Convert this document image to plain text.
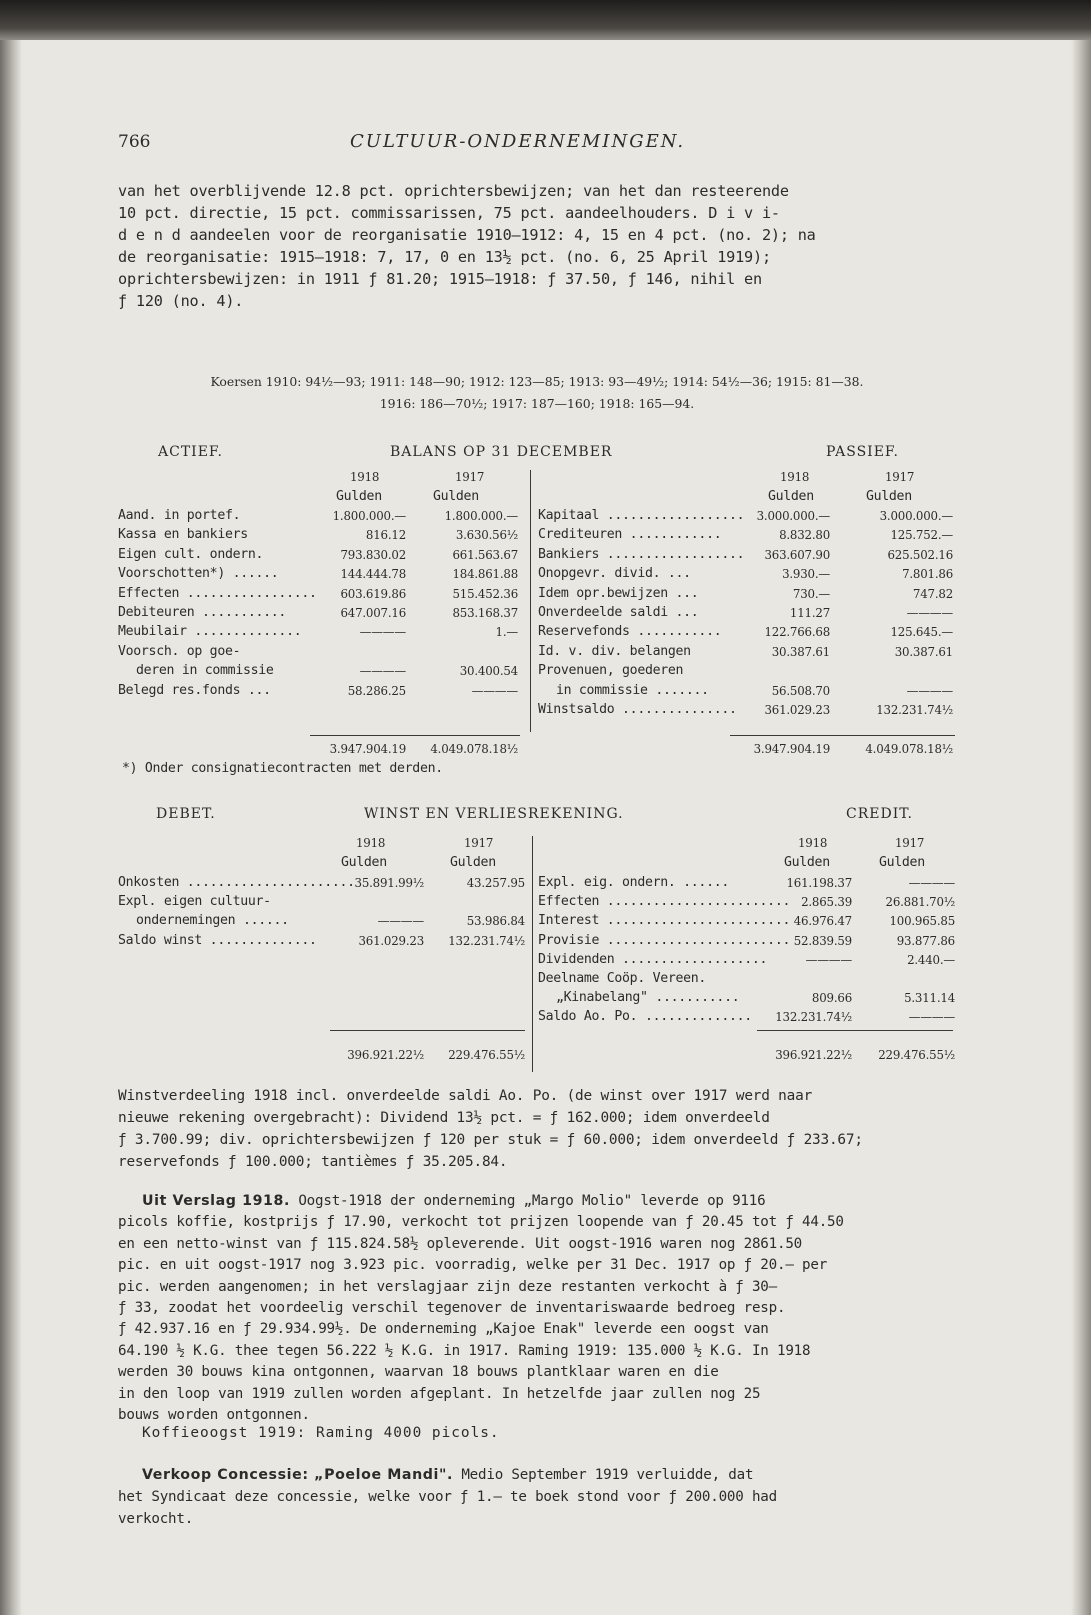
766	CULTUUR-ONDERNEMINGEN.
van het overblijvende 12.8 pct. oprichtersbewijzen; van het dan resteerende
10 pct. directie, 15 pct. commissarissen, 75 pct. aandeelhouders. D i v i-
d e n d aandeelen voor de reorganisatie 1910—1912: 4, 15 en 4 pct. (no. 2); na
de reorganisatie: 1915—1918: 7, 17, 0 en 13½ pct. (no. 6, 25 April 1919);
oprichtersbewijzen: in 1911 ƒ 81.20; 1915—1918: ƒ 37.50, ƒ 146, nihil en
ƒ 120 (no. 4).
Koersen 1910: 94½—93; 1911: 148—90; 1912: 123—85; 1913: 93—49½; 1914: 54½—36; 1915: 81—38.
1916: 186—70½; 1917: 187—160; 1918: 165—94.
ACTIEF.	BALANS OP 31 DECEMBER	PASSIEF.
1918	1917
Gulden	Gulden
1918	1917
Gulden	Gulden
Aand. in portef.	1.800.000.—	1.800.000.—
Kassa en bankiers	816.12	3.630.56½
Eigen cult. ondern.	793.830.02	661.563.67
Voorschotten*) ......	144.444.78	184.861.88
Effecten .................	603.619.86	515.452.36
Debiteuren ...........	647.007.16	853.168.37
Meubilair ..............	————	1.—
Voorsch. op goe-
deren in commissie	————	30.400.54
Belegd res.fonds ...	58.286.25	————
Kapitaal ..................	3.000.000.—	3.000.000.—
Crediteuren ............	8.832.80	125.752.—
Bankiers ..................	363.607.90	625.502.16
Onopgevr. divid. ...	3.930.—	7.801.86
Idem opr.bewijzen ...	730.—	747.82
Onverdeelde saldi ...	111.27	————
Reservefonds ...........	122.766.68	125.645.—
Id. v. div. belangen	30.387.61	30.387.61
Provenuen, goederen
in commissie .......	56.508.70	————
Winstsaldo ...............	361.029.23	132.231.74½
3.947.904.19	4.049.078.18½	3.947.904.19	4.049.078.18½
*) Onder consignatiecontracten met derden.
DEBET.	WINST EN VERLIESREKENING.	CREDIT.
1918	1917
Gulden	Gulden
1918	1917
Gulden	Gulden
Onkosten ...................... 35.891.99½	43.257.95
Expl. eigen cultuur-
ondernemingen ......	————	53.986.84
Saldo winst ..............	361.029.23	132.231.74½
Expl. eig. ondern. ......	161.198.37	————
Effecten ........................ 2.865.39	26.881.70½
Interest ........................ 46.976.47	100.965.85
Provisie ........................ 52.839.59	93.877.86
Dividenden ...................	————	2.440.—
Deelname Coöp. Vereen.
„Kinabelang" ...........	809.66	5.311.14
Saldo Ao. Po. ..............	132.231.74½	————
396.921.22½	229.476.55½	396.921.22½	229.476.55½
Winstverdeeling 1918 incl. onverdeelde saldi Ao. Po. (de winst over 1917 werd naar
nieuwe rekening overgebracht): Dividend 13½ pct. = ƒ 162.000; idem onverdeeld
ƒ 3.700.99; div. oprichtersbewijzen ƒ 120 per stuk = ƒ 60.000; idem onverdeeld ƒ 233.67;
reservefonds ƒ 100.000; tantièmes ƒ 35.205.84.
Uit Verslag 1918. Oogst-1918 der onderneming „Margo Molio" leverde op 9116
picols koffie, kostprijs ƒ 17.90, verkocht tot prijzen loopende van ƒ 20.45 tot ƒ 44.50
en een netto-winst van ƒ 115.824.58½ opleverende. Uit oogst-1916 waren nog 2861.50
pic. en uit oogst-1917 nog 3.923 pic. voorradig, welke per 31 Dec. 1917 op ƒ 20.— per
pic. werden aangenomen; in het verslagjaar zijn deze restanten verkocht à ƒ 30—
ƒ 33, zoodat het voordeelig verschil tegenover de inventariswaarde bedroeg resp.
ƒ 42.937.16 en ƒ 29.934.99½. De onderneming „Kajoe Enak" leverde een oogst van
64.190 ½ K.G. thee tegen 56.222 ½ K.G. in 1917. Raming 1919: 135.000 ½ K.G. In 1918
werden 30 bouws kina ontgonnen, waarvan 18 bouws plantklaar waren en die
in den loop van 1919 zullen worden afgeplant. In hetzelfde jaar zullen nog 25
bouws worden ontgonnen.
Koffieoogst 1919: Raming 4000 picols.
Verkoop Concessie: „Poeloe Mandi". Medio September 1919 verluidde, dat
het Syndicaat deze concessie, welke voor ƒ 1.— te boek stond voor ƒ 200.000 had
verkocht.
